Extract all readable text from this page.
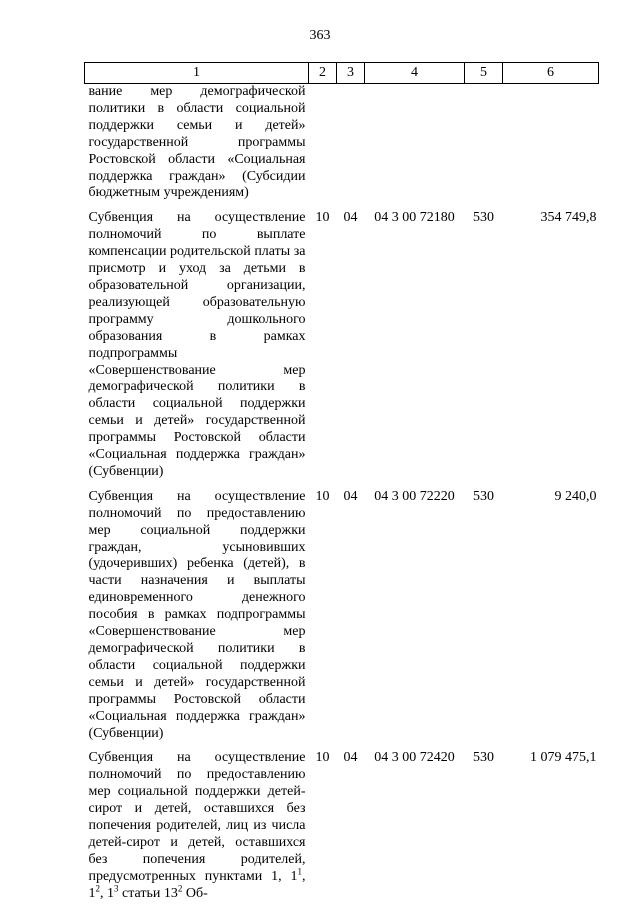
363
1	2	3	4	5	6
вание мер демографической политики в области социальной поддержки семьи и детей» государственной программы Ростовской области «Социальная поддержка граждан» (Субсидии бюджетным учреждениям)					

Субвенция на осуществление полномочий по выплате компенсации родительской платы за присмотр и уход за детьми в образовательной организации, реализующей образовательную программу дошкольного образования в рамках подпрограммы «Совершенствование мер демографической политики в области социальной поддержки семьи и детей» государственной программы Ростовской области «Социальная поддержка граждан» (Субвенции)	10	04	04 3 00 72180	530	354 749,8

Субвенция на осуществление полномочий по предоставлению мер социальной поддержки граждан, усыновивших (удочеривших) ребенка (детей), в части назначения и выплаты единовременного денежного пособия в рамках подпрограммы «Совершенствование мер демографической политики в области социальной поддержки семьи и детей» государственной программы Ростовской области «Социальная поддержка граждан» (Субвенции)	10	04	04 3 00 72220	530	9 240,0

Субвенция на осуществление полномочий по предоставлению мер социальной поддержки детей-сирот и детей, оставшихся без попечения родителей, лиц из числа детей-сирот и детей, оставшихся без попечения родителей, предусмотренных пунктами 1, $1^1$, $1^2$, $1^3$ статьи $13^2$ Об-	10	04	04 3 00 72420	530	1 079 475,1
